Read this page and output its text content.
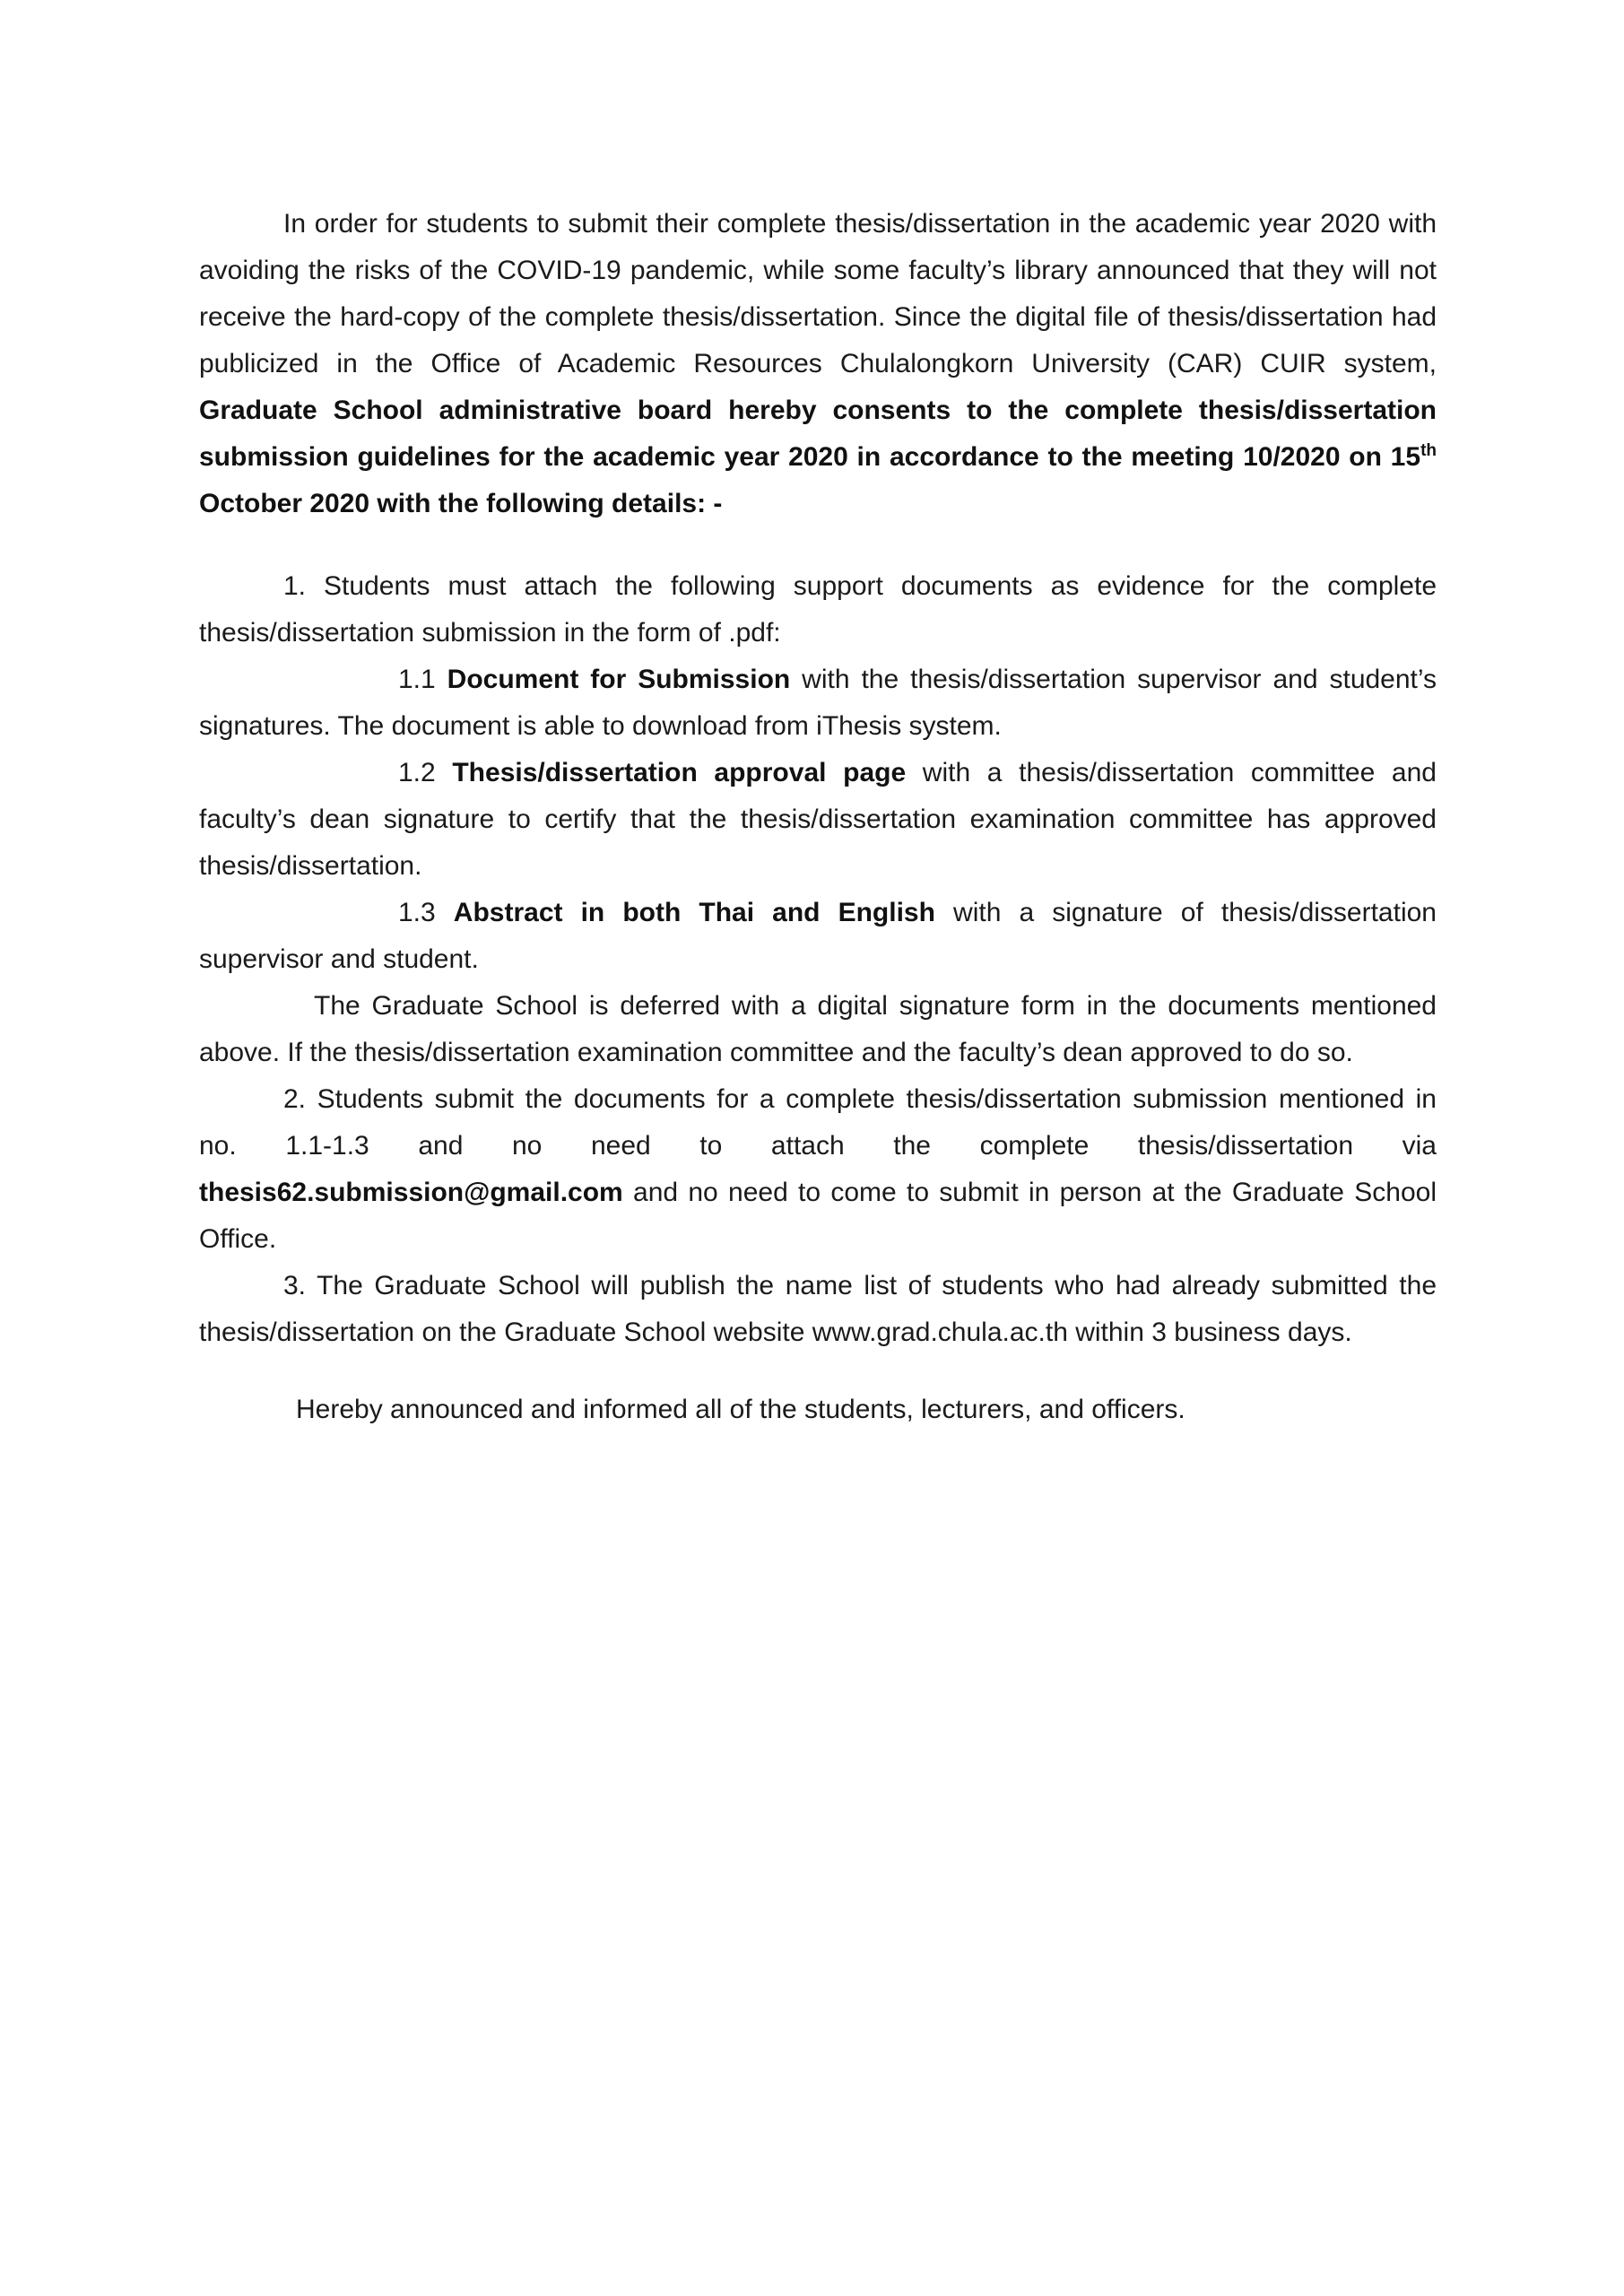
In order for students to submit their complete thesis/dissertation in the academic year 2020 with avoiding the risks of the COVID-19 pandemic, while some faculty’s library announced that they will not receive the hard-copy of the complete thesis/dissertation. Since the digital file of thesis/dissertation had publicized in the Office of Academic Resources Chulalongkorn University (CAR) CUIR system, Graduate School administrative board hereby consents to the complete thesis/dissertation submission guidelines for the academic year 2020 in accordance to the meeting 10/2020 on 15th October 2020 with the following details: -

1. Students must attach the following support documents as evidence for the complete thesis/dissertation submission in the form of .pdf:

1.1 Document for Submission with the thesis/dissertation supervisor and student’s signatures. The document is able to download from iThesis system.

1.2 Thesis/dissertation approval page with a thesis/dissertation committee and faculty’s dean signature to certify that the thesis/dissertation examination committee has approved thesis/dissertation.

1.3 Abstract in both Thai and English with a signature of thesis/dissertation supervisor and student.

The Graduate School is deferred with a digital signature form in the documents mentioned above. If the thesis/dissertation examination committee and the faculty’s dean approved to do so.

2. Students submit the documents for a complete thesis/dissertation submission mentioned in no. 1.1-1.3 and no need to attach the complete thesis/dissertation via thesis62.submission@gmail.com and no need to come to submit in person at the Graduate School Office.

3. The Graduate School will publish the name list of students who had already submitted the thesis/dissertation on the Graduate School website www.grad.chula.ac.th within 3 business days.

Hereby announced and informed all of the students, lecturers, and officers.
